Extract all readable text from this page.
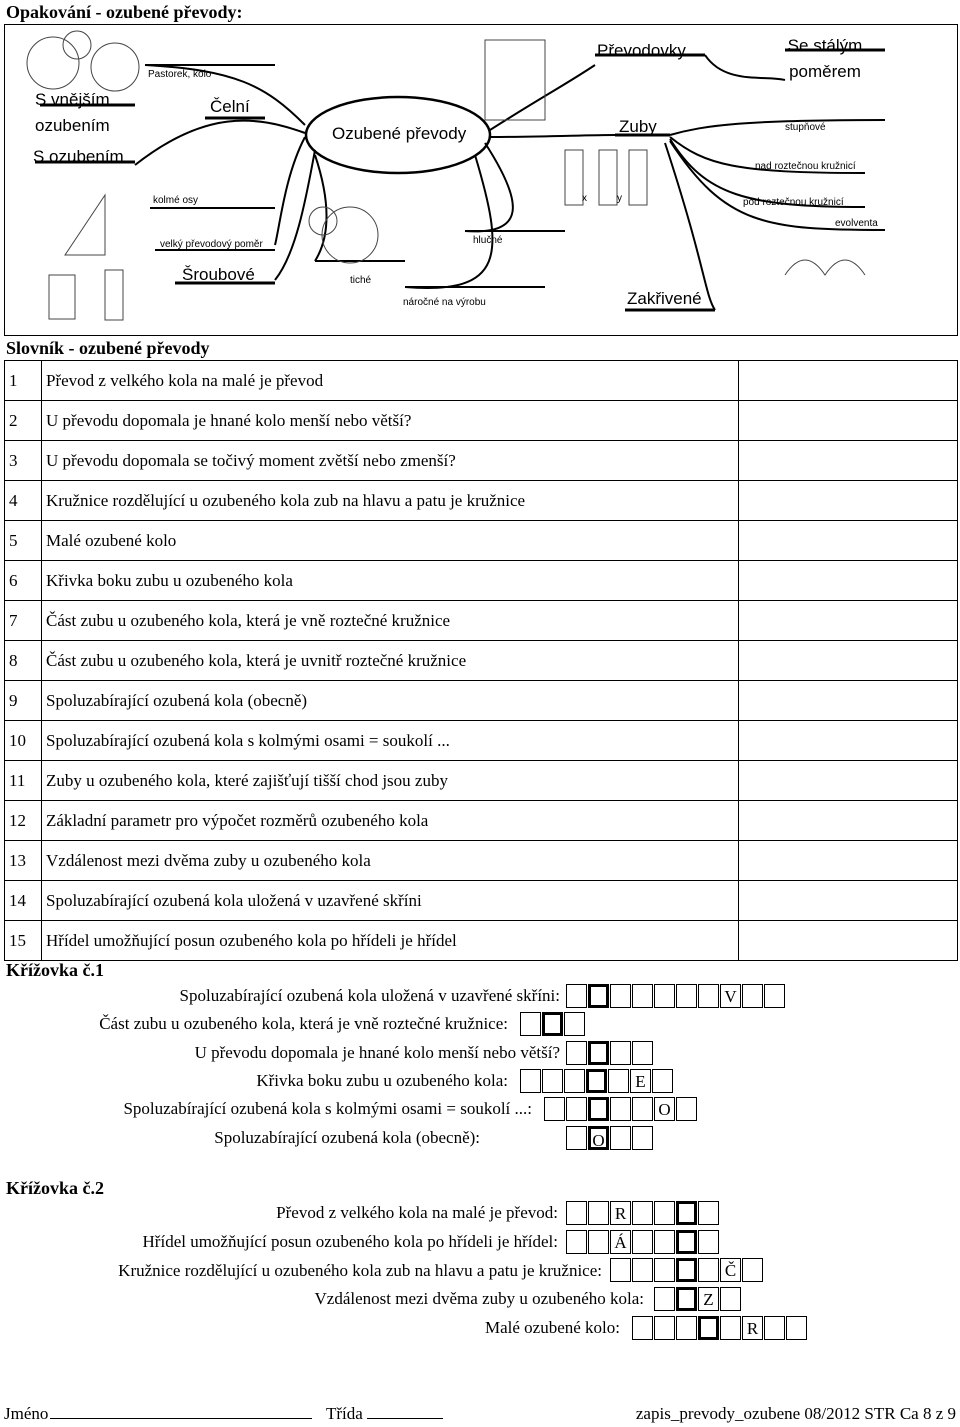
Opakování - ozubené převody:
Ozubené převody
S vnějším ozubením
S ozubením
Čelní
Pastorek, kolo
kolmé osy
velký převodový poměr
Šroubové	tiché
hlučné
náročné na výrobu
Převodovky	Se stálým poměrem
Zuby	stupňové
nad roztečnou kružnicí
pod roztečnou kružnicí
evolventa
Zakřivené
x	y
Slovník - ozubené převody
1	Převod z velkého kola na malé je převod	
2	U převodu dopomala je hnané kolo menší nebo větší?	
3	U převodu dopomala se točivý moment zvětší nebo zmenší?	
4	Kružnice rozdělující u ozubeného kola zub na hlavu a patu je kružnice	
5	Malé ozubené kolo	
6	Křivka boku zubu u ozubeného kola	
7	Část zubu u ozubeného kola, která je vně roztečné kružnice	
8	Část zubu u ozubeného kola, která je uvnitř roztečné kružnice	
9	Spoluzabírající ozubená kola (obecně)	
10	Spoluzabírající ozubená kola s kolmými osami = soukolí ...	
11	Zuby u ozubeného kola, které zajišťují tišší chod jsou zuby	
12	Základní parametr pro výpočet rozměrů ozubeného kola	
13	Vzdálenost mezi dvěma zuby u ozubeného kola	
14	Spoluzabírající ozubená kola uložená v uzavřené skříni	
15	Hřídel umožňující posun ozubeného kola po hřídeli je hřídel	
Křížovka č.1
Spoluzabírající ozubená kola uložená v uzavřené skříni:
Část zubu u ozubeného kola, která je vně roztečné kružnice:
U převodu dopomala je hnané kolo menší nebo větší?
Křivka boku zubu u ozubeného kola:
Spoluzabírající ozubená kola s kolmými osami = soukolí ...:
Spoluzabírající ozubená kola (obecně):
V
E
O
O
Křížovka č.2
Převod z velkého kola na malé je převod:
Hřídel umožňující posun ozubeného kola po hřídeli je hřídel:
Kružnice rozdělující u ozubeného kola zub na hlavu a patu je kružnice:
Vzdálenost mezi dvěma zuby u ozubeného kola:
Malé ozubené kolo:
R
Á
Č
Z
R
Jméno	Třída	zapis_prevody_ozubene 08/2012 STR Ca 8 z 9
